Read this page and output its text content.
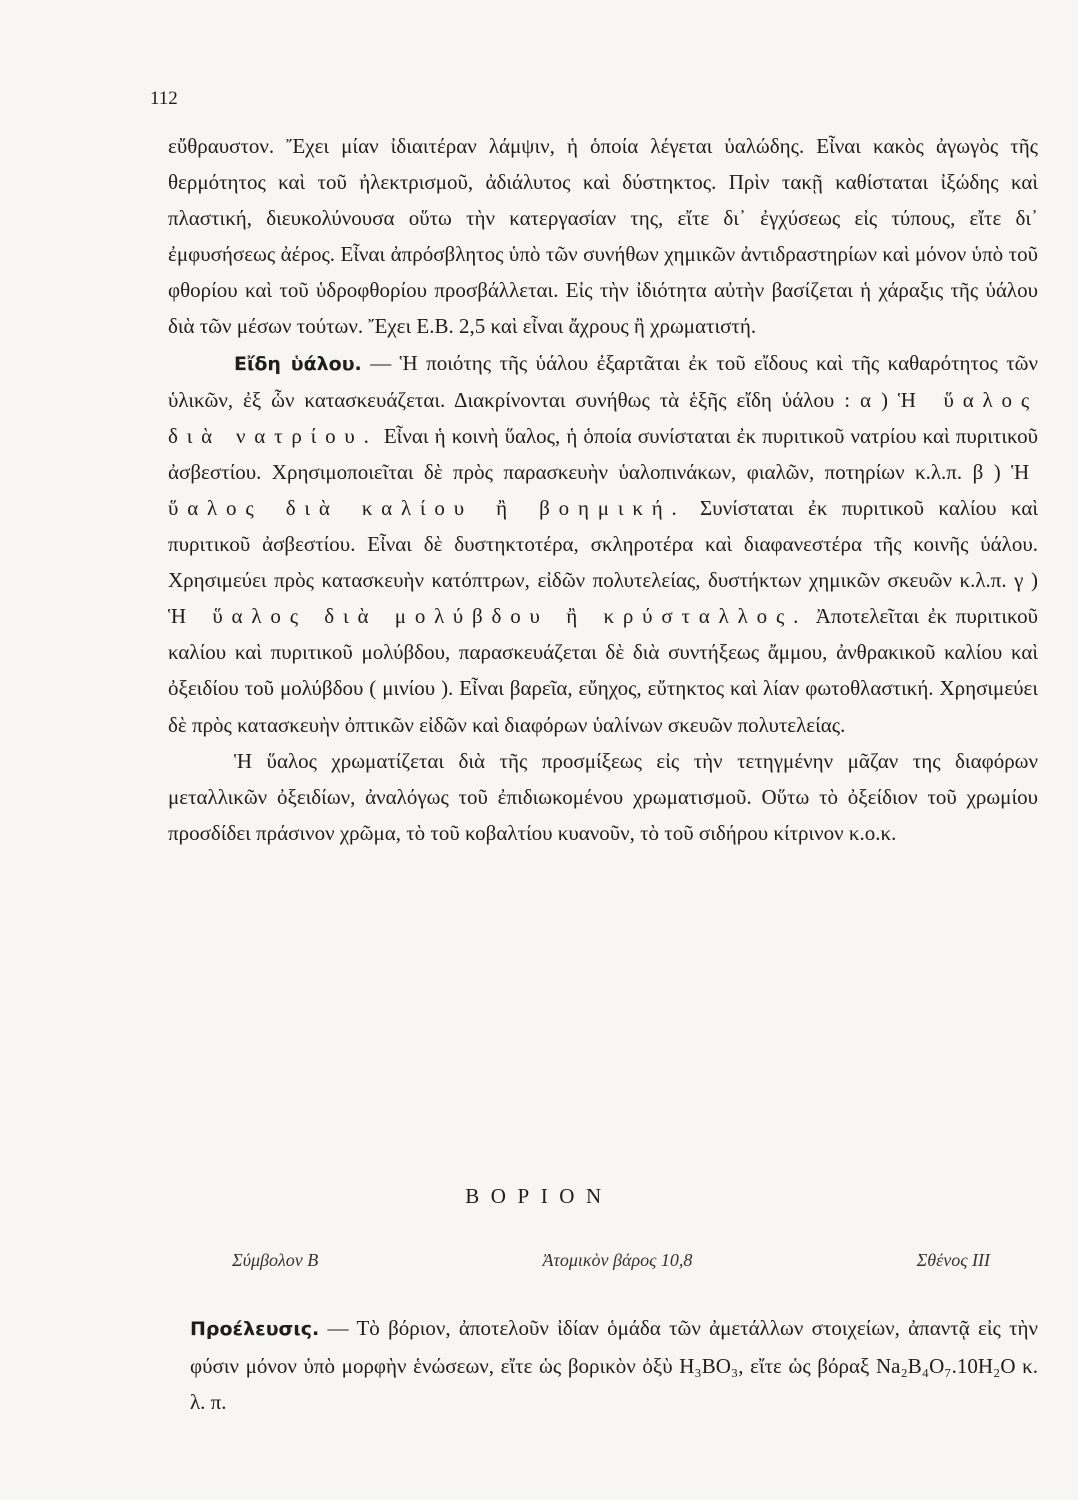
112

εὔθραυστον. Ἔχει μίαν ἰδιαιτέραν λάμψιν, ἡ ὁποία λέγεται ὑαλώδης. Εἶναι κακὸς ἀγωγὸς τῆς θερμότητος καὶ τοῦ ἠλεκτρισμοῦ, ἀδιάλυτος καὶ δύστηκτος. Πρὶν τακῇ καθίσταται ἰξώδης καὶ πλαστική, διευκολύνουσα οὕτω τὴν κατεργασίαν της, εἴτε δι᾽ ἐγχύσεως εἰς τύπους, εἴτε δι᾽ ἐμφυσήσεως ἀέρος. Εἶναι ἀπρόσβλητος ὑπὸ τῶν συνήθων χημικῶν ἀντιδραστηρίων καὶ μόνον ὑπὸ τοῦ φθορίου καὶ τοῦ ὑδροφθορίου προσβάλλεται. Εἰς τὴν ἰδιότητα αὐτὴν βασίζεται ἡ χάραξις τῆς ὑάλου διὰ τῶν μέσων τούτων. Ἔχει Ε.Β. 2,5 καὶ εἶναι ἄχρους ἢ χρωματιστή.

Εἴδη ὑάλου. — Ἡ ποιότης τῆς ὑάλου ἐξαρτᾶται ἐκ τοῦ εἴδους καὶ τῆς καθαρότητος τῶν ὑλικῶν, ἐξ ὧν κατασκευάζεται. Διακρίνονται συνήθως τὰ ἑξῆς εἴδη ὑάλου : α ) Ἡ ὕαλος διὰ νατρίου. Εἶναι ἡ κοινὴ ὕαλος, ἡ ὁποία συνίσταται ἐκ πυριτικοῦ νατρίου καὶ πυριτικοῦ ἀσβεστίου. Χρησιμοποιεῖται δὲ πρὸς παρασκευὴν ὑαλοπινάκων, φιαλῶν, ποτηρίων κ.λ.π. β ) Ἡ ὕαλος διὰ καλίου ἢ βοημική. Συνίσταται ἐκ πυριτικοῦ καλίου καὶ πυριτικοῦ ἀσβεστίου. Εἶναι δὲ δυστηκτοτέρα, σκληροτέρα καὶ διαφανεστέρα τῆς κοινῆς ὑάλου. Χρησιμεύει πρὸς κατασκευὴν κατόπτρων, εἰδῶν πολυτελείας, δυστήκτων χημικῶν σκευῶν κ.λ.π. γ ) Ἡ ὕαλος διὰ μολύβδου ἢ κρύσταλλος. Ἀποτελεῖται ἐκ πυριτικοῦ καλίου καὶ πυριτικοῦ μολύβδου, παρασκευάζεται δὲ διὰ συντήξεως ἄμμου, ἀνθρακικοῦ καλίου καὶ ὀξειδίου τοῦ μολύβδου ( μινίου ). Εἶναι βαρεῖα, εὔηχος, εὔτηκτος καὶ λίαν φωτοθλαστική. Χρησιμεύει δὲ πρὸς κατασκευὴν ὀπτικῶν εἰδῶν καὶ διαφόρων ὑαλίνων σκευῶν πολυτελείας.

Ἡ ὕαλος χρωματίζεται διὰ τῆς προσμίξεως εἰς τὴν τετηγμένην μᾶζαν της διαφόρων μεταλλικῶν ὀξειδίων, ἀναλόγως τοῦ ἐπιδιωκομένου χρωματισμοῦ. Οὕτω τὸ ὀξείδιον τοῦ χρωμίου προσδίδει πράσινον χρῶμα, τὸ τοῦ κοβαλτίου κυανοῦν, τὸ τοῦ σιδήρου κίτρινον κ.ο.κ.

ΒΟΡΙΟΝ
Σύμβολον Β	Ἀτομικὸν βάρος 10,8	Σθένος ΙΙΙ

Προέλευσις. — Τὸ βόριον, ἀποτελοῦν ἰδίαν ὁμάδα τῶν ἀμετάλλων στοιχείων, ἀπαντᾷ εἰς τὴν φύσιν μόνον ὑπὸ μορφὴν ἑνώσεων, εἴτε ὡς βορικὸν ὀξὺ Η₃ΒΟ₃, εἴτε ὡς βόραξ Na₂B₄O₇.10H₂O κ. λ. π.
